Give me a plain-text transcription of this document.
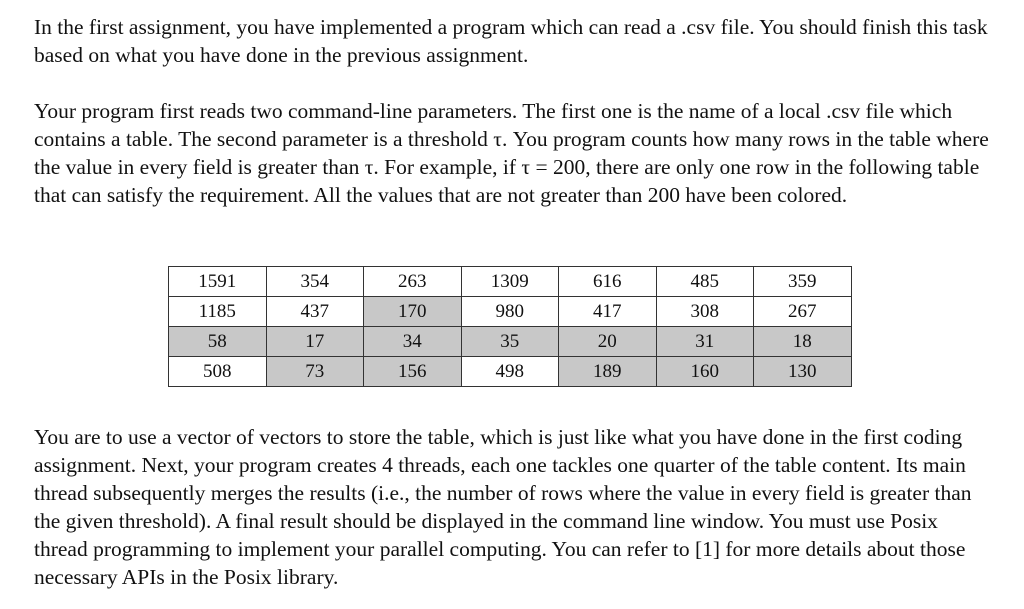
In the first assignment, you have implemented a program which can read a .csv file. You should finish this task based on what you have done in the previous assignment.

Your program first reads two command-line parameters. The first one is the name of a local .csv file which contains a table. The second parameter is a threshold τ. You program counts how many rows in the table where the value in every field is greater than τ. For example, if τ = 200, there are only one row in the following table that can satisfy the requirement. All the values that are not greater than 200 have been colored.

1591	354	263	1309	616	485	359
1185	437	170	980	417	308	267
58	17	34	35	20	31	18
508	73	156	498	189	160	130

You are to use a vector of vectors to store the table, which is just like what you have done in the first coding assignment. Next, your program creates 4 threads, each one tackles one quarter of the table content. Its main thread subsequently merges the results (i.e., the number of rows where the value in every field is greater than the given threshold). A final result should be displayed in the command line window. You must use Posix thread programming to implement your parallel computing. You can refer to [1] for more details about those necessary APIs in the Posix library.
